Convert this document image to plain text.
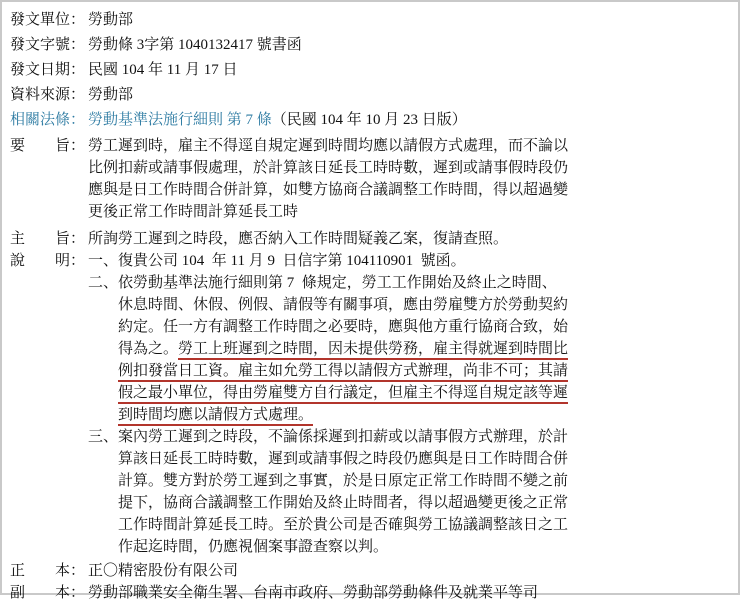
發文單位： 勞動部
發文字號： 勞動條 3字第 1040132417 號書函
發文日期： 民國 104 年 11 月 17 日
資料來源： 勞動部
相關法條： 勞動基準法施行細則 第 7 條（民國 104 年 10 月 23 日版）
要　　旨： 勞工遲到時，雇主不得逕自規定遲到時間均應以請假方式處理，而不論以
比例扣薪或請事假處理，於計算該日延長工時時數，遲到或請事假時段仍
應與是日工作時間合併計算，如雙方協商合議調整工作時間，得以超過變
更後正常工作時間計算延長工時
主　　旨： 所詢勞工遲到之時段，應否納入工作時間疑義乙案，復請查照。
說　　明： 一、 復貴公司 104  年 11 月 9  日信字第 104110901  號函。
二、 依勞動基準法施行細則第 7  條規定，勞工工作開始及終止之時間、
休息時間、休假、例假、請假等有關事項，應由勞雇雙方於勞動契約
約定。任一方有調整工作時間之必要時，應與他方重行協商合致，始
得為之。勞工上班遲到之時間，因未提供勞務，雇主得就遲到時間比
例扣發當日工資。雇主如允勞工得以請假方式辦理，尚非不可；其請
假之最小單位，得由勞雇雙方自行議定，但雇主不得逕自規定該等遲
到時間均應以請假方式處理。
三、 案內勞工遲到之時段，不論係採遲到扣薪或以請事假方式辦理，於計
算該日延長工時時數，遲到或請事假之時段仍應與是日工作時間合併
計算。雙方對於勞工遲到之事實，於是日原定正常工作時間不變之前
提下，協商合議調整工作開始及終止時間者，得以超過變更後之正常
工作時間計算延長工時。至於貴公司是否確與勞工協議調整該日之工
作起迄時間，仍應視個案事證查察以判。
正　　本： 正〇精密股份有限公司
副　　本： 勞動部職業安全衛生署、台南市政府、勞動部勞動條件及就業平等司
